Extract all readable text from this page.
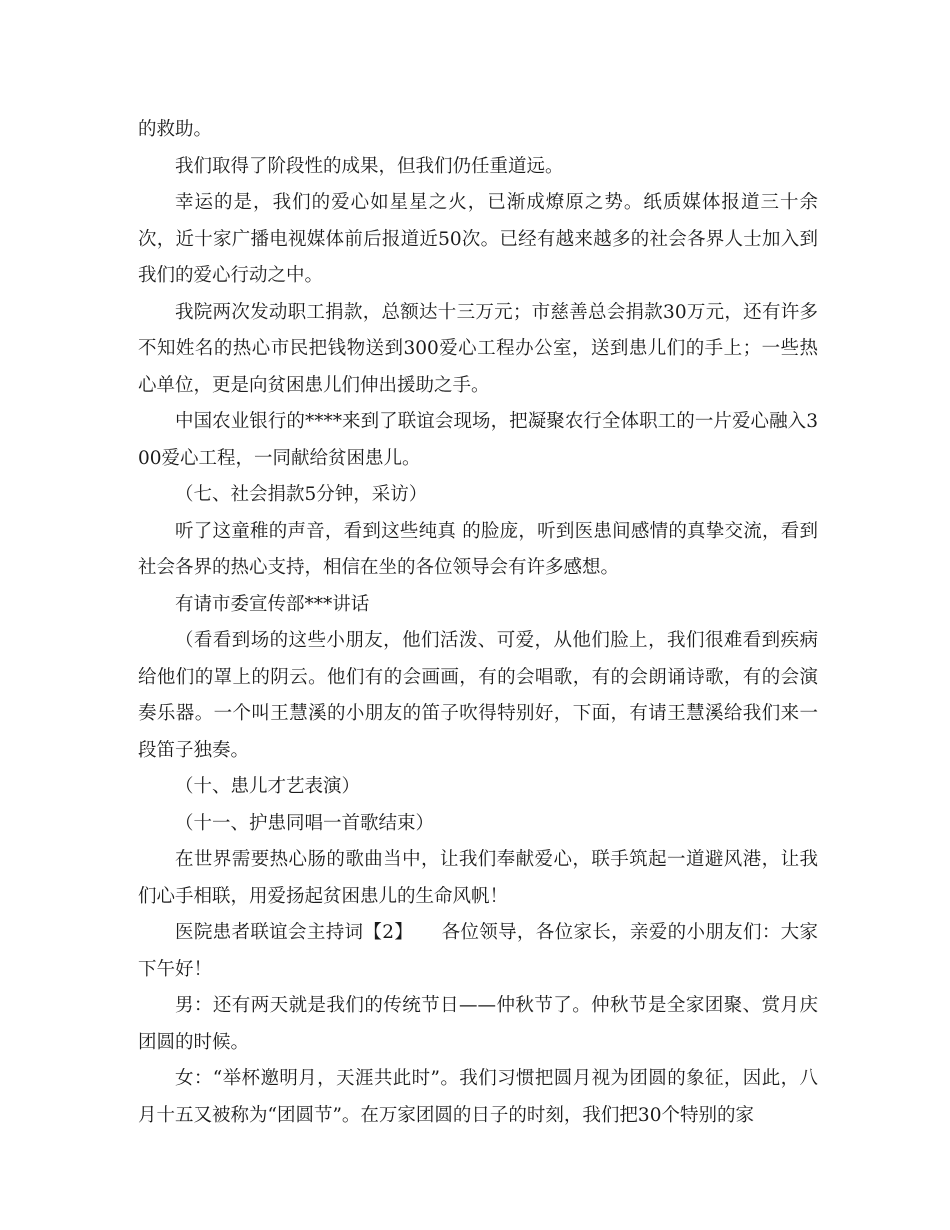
的救助。

我们取得了阶段性的成果，但我们仍任重道远。

幸运的是，我们的爱心如星星之火，已渐成燎原之势。纸质媒体报道三十余次，近十家广播电视媒体前后报道近50次。已经有越来越多的社会各界人士加入到我们的爱心行动之中。

我院两次发动职工捐款，总额达十三万元；市慈善总会捐款30万元，还有许多不知姓名的热心市民把钱物送到300爱心工程办公室，送到患儿们的手上；一些热心单位，更是向贫困患儿们伸出援助之手。

中国农业银行的****来到了联谊会现场，把凝聚农行全体职工的一片爱心融入300爱心工程，一同献给贫困患儿。

（七、社会捐款5分钟，采访）

听了这童稚的声音，看到这些纯真 的脸庞，听到医患间感情的真挚交流，看到社会各界的热心支持，相信在坐的各位领导会有许多感想。

有请市委宣传部***讲话

（看看到场的这些小朋友，他们活泼、可爱，从他们脸上，我们很难看到疾病给他们的罩上的阴云。他们有的会画画，有的会唱歌，有的会朗诵诗歌，有的会演奏乐器。一个叫王慧溪的小朋友的笛子吹得特别好，下面，有请王慧溪给我们来一段笛子独奏。

（十、患儿才艺表演）

（十一、护患同唱一首歌结束）

在世界需要热心肠的歌曲当中，让我们奉献爱心，联手筑起一道避风港，让我们心手相联，用爱扬起贫困患儿的生命风帆！

医院患者联谊会主持词【2】　　各位领导，各位家长，亲爱的小朋友们：大家下午好！

男：还有两天就是我们的传统节日——仲秋节了。仲秋节是全家团聚、赏月庆团圆的时候。

女：“举杯邀明月，天涯共此时”。我们习惯把圆月视为团圆的象征，因此，八月十五又被称为“团圆节”。在万家团圆的日子的时刻，我们把30个特别的家
